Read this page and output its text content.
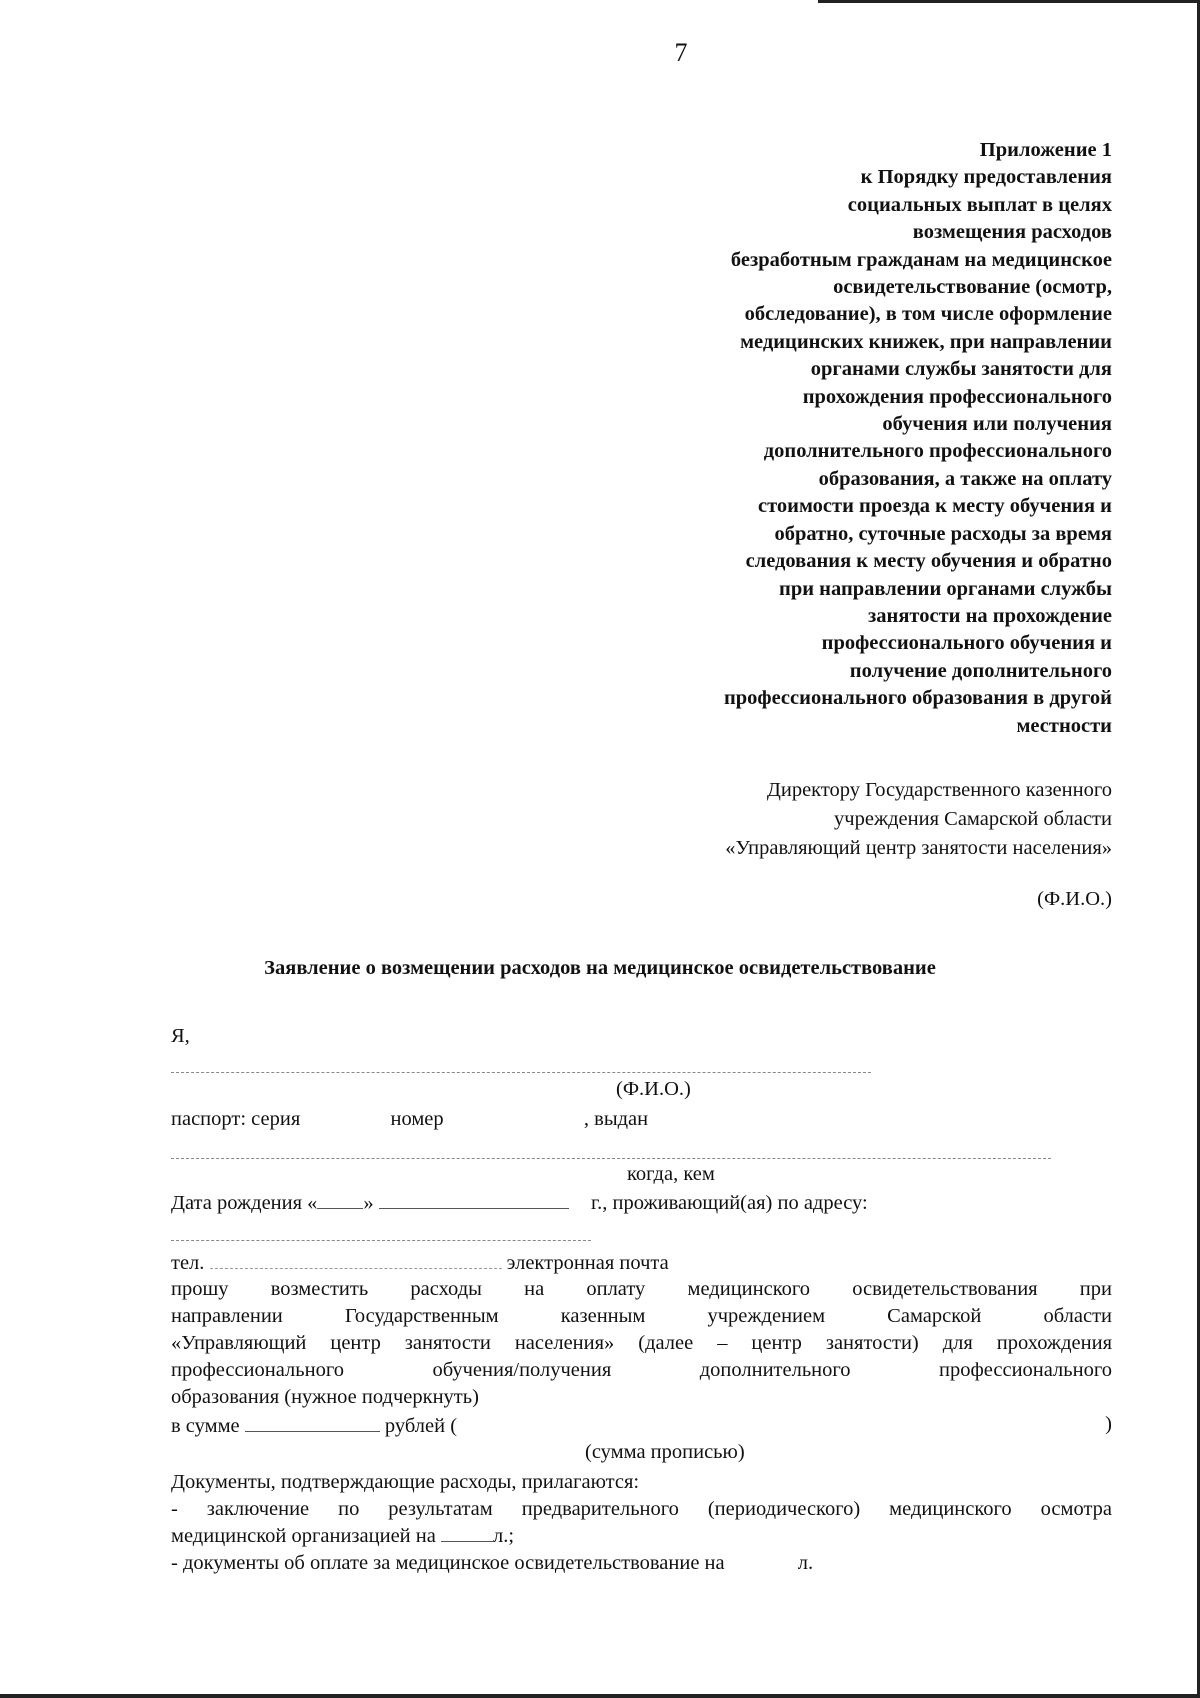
7
Приложение 1
к Порядку предоставления
социальных выплат в целях
возмещения расходов
безработным гражданам на медицинское
освидетельствование (осмотр,
обследование), в том числе оформление
медицинских книжек, при направлении
органами службы занятости для
прохождения профессионального
обучения или получения
дополнительного профессионального
образования, а также на оплату
стоимости проезда к месту обучения и
обратно, суточные расходы за время
следования к месту обучения и обратно
при направлении органами службы
занятости на прохождение
профессионального обучения и
получение дополнительного
профессионального образования в другой
местности
Директору Государственного казенного
учреждения Самарской области
«Управляющий центр занятости населения»
(Ф.И.О.)
Заявление о возмещении расходов на медицинское освидетельствование
Я,
(Ф.И.О.)
паспорт: серия	номер	, выдан
когда, кем
Дата рождения « »	г., проживающий(ая) по адресу:
тел.	электронная почта
прошу возместить расходы на оплату медицинского освидетельствования при
направлении Государственным казенным учреждением Самарской области
«Управляющий центр занятости населения» (далее – центр занятости) для прохождения
профессионального обучения/получения дополнительного профессионального
образования (нужное подчеркнуть)
в сумме	рублей (	)
(сумма прописью)
Документы, подтверждающие расходы, прилагаются:
- заключение по результатам предварительного (периодического) медицинского осмотра
медицинской организацией на	л.;
- документы об оплате за медицинское освидетельствование на	л.
